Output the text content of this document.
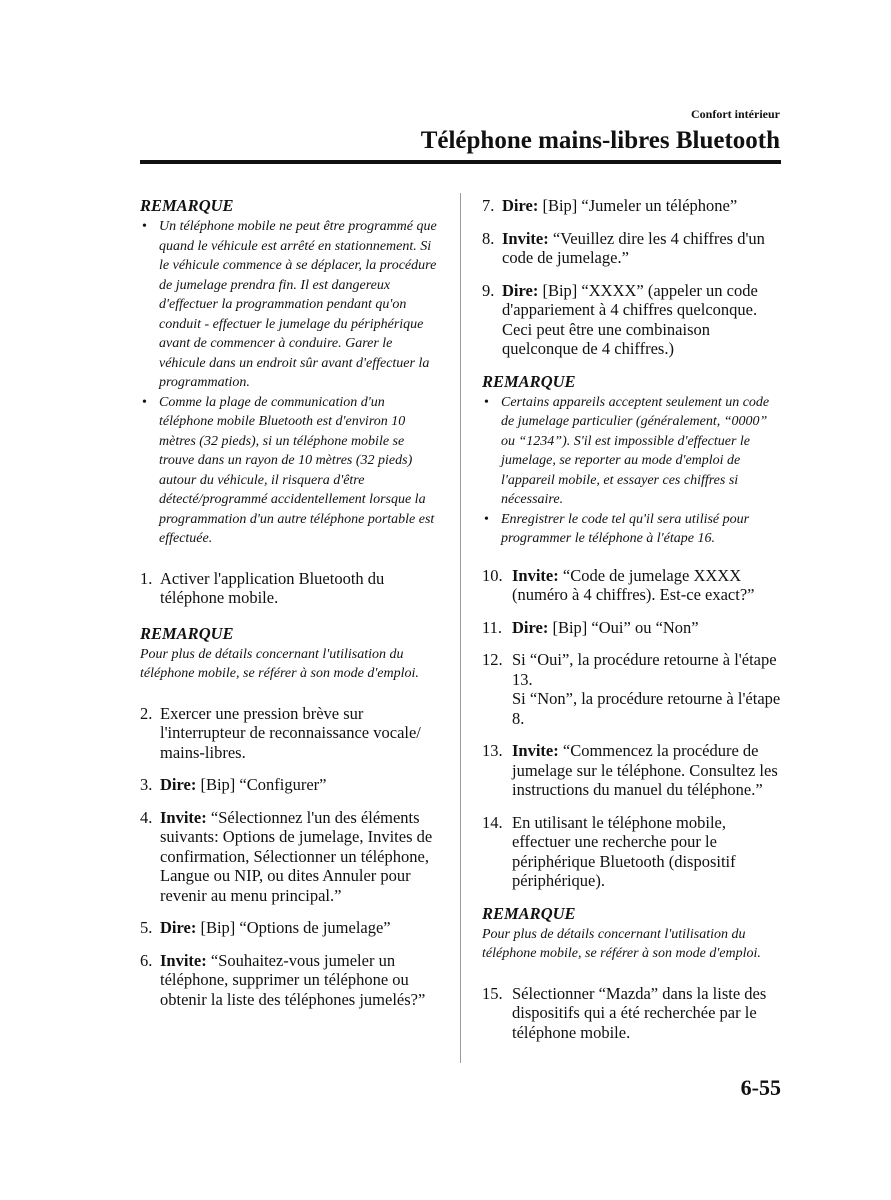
Confort intérieur
Téléphone mains-libres Bluetooth

REMARQUE

• Un téléphone mobile ne peut être programmé que quand le véhicule est arrêté en stationnement. Si le véhicule commence à se déplacer, la procédure de jumelage prendra fin. Il est dangereux d'effectuer la programmation pendant qu'on conduit - effectuer le jumelage du périphérique avant de commencer à conduire. Garer le véhicule dans un endroit sûr avant d'effectuer la programmation.
• Comme la plage de communication d'un téléphone mobile Bluetooth est d'environ 10 mètres (32 pieds), si un téléphone mobile se trouve dans un rayon de 10 mètres (32 pieds) autour du véhicule, il risquera d'être détecté/programmé accidentellement lorsque la programmation d'un autre téléphone portable est effectuée.

1. Activer l'application Bluetooth du téléphone mobile.

REMARQUE

Pour plus de détails concernant l'utilisation du téléphone mobile, se référer à son mode d'emploi.

2. Exercer une pression brève sur l'interrupteur de reconnaissance vocale/ mains-libres.

3. Dire: [Bip] “Configurer”

4. Invite: “Sélectionnez l'un des éléments suivants: Options de jumelage, Invites de confirmation, Sélectionner un téléphone, Langue ou NIP, ou dites Annuler pour revenir au menu principal.”

5. Dire: [Bip] “Options de jumelage”

6. Invite: “Souhaitez-vous jumeler un téléphone, supprimer un téléphone ou obtenir la liste des téléphones jumelés?”

7. Dire: [Bip] “Jumeler un téléphone”

8. Invite: “Veuillez dire les 4 chiffres d'un code de jumelage.”

9. Dire: [Bip] “XXXX” (appeler un code d'appariement à 4 chiffres quelconque. Ceci peut être une combinaison quelconque de 4 chiffres.)

REMARQUE

• Certains appareils acceptent seulement un code de jumelage particulier (généralement, “0000” ou “1234”). S'il est impossible d'effectuer le jumelage, se reporter au mode d'emploi de l'appareil mobile, et essayer ces chiffres si nécessaire.
• Enregistrer le code tel qu'il sera utilisé pour programmer le téléphone à l'étape 16.

10. Invite: “Code de jumelage XXXX (numéro à 4 chiffres). Est-ce exact?”

11. Dire: [Bip] “Oui” ou “Non”

12. Si “Oui”, la procédure retourne à l'étape 13.
Si “Non”, la procédure retourne à l'étape 8.

13. Invite: “Commencez la procédure de jumelage sur le téléphone. Consultez les instructions du manuel du téléphone.”

14. En utilisant le téléphone mobile, effectuer une recherche pour le périphérique Bluetooth (dispositif périphérique).

REMARQUE

Pour plus de détails concernant l'utilisation du téléphone mobile, se référer à son mode d'emploi.

15. Sélectionner “Mazda” dans la liste des dispositifs qui a été recherchée par le téléphone mobile.

6-55
